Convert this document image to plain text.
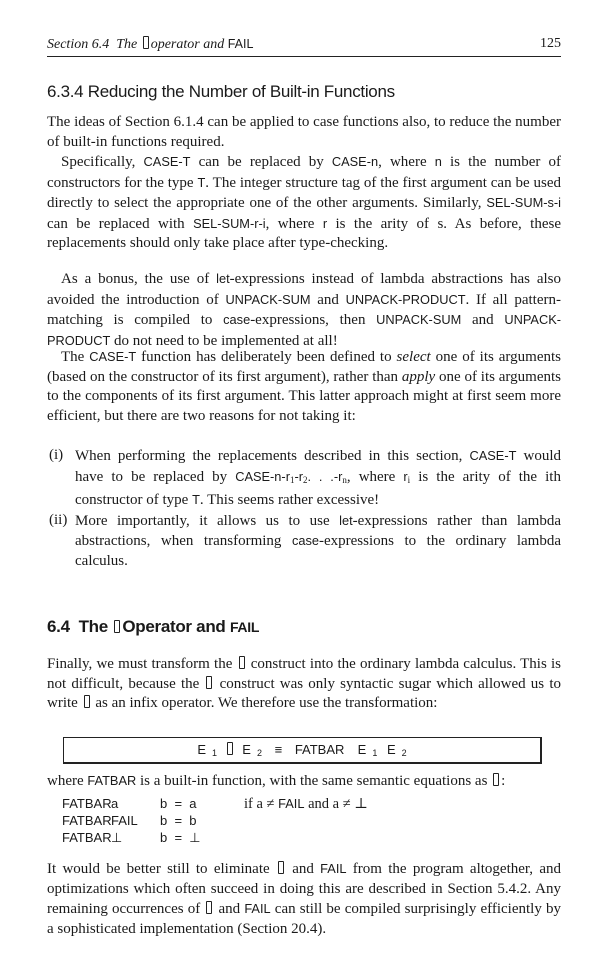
Section 6.4 The operator and FAIL	125
6.3.4 Reducing the Number of Built-in Functions

The ideas of Section 6.1.4 can be applied to case functions also, to reduce the number of built-in functions required.

Specifically, CASE-T can be replaced by CASE-n, where n is the number of constructors for the type T. The integer structure tag of the first argument can be used directly to select the appropriate one of the other arguments. Similarly, SEL-SUM-s-i can be replaced with SEL-SUM-r-i, where r is the arity of s. As before, these replacements should only take place after type-checking.

As a bonus, the use of let-expressions instead of lambda abstractions has also avoided the introduction of UNPACK-SUM and UNPACK-PRODUCT. If all pattern-matching is compiled to case-expressions, then UNPACK-SUM and UNPACK-PRODUCT do not need to be implemented at all!

The CASE-T function has deliberately been defined to select one of its arguments (based on the constructor of its first argument), rather than apply one of its arguments to the components of its first argument. This latter approach might at first seem more efficient, but there are two reasons for not taking it:

(i) When performing the replacements described in this section, CASE-T would have to be replaced by CASE-$n-r_1-r_2$. . $.-r_n$, where $r_i$ is the arity of the ith constructor of type T. This seems rather excessive!
(ii) More importantly, it allows us to use let-expressions rather than lambda abstractions, when transforming case-expressions to the ordinary lambda calculus.
6.4 The Operator and FAIL

Finally, we must transform the  construct into the ordinary lambda calculus. This is not difficult, because the  construct was only syntactic sugar which allowed us to write  as an infix operator. We therefore use the transformation:

E $_1$ E $_2$ ≡ FATBAR E $_1$ E $_2$

where FATBAR is a built-in function, with the same semantic equations as :

FATBAR a	b  =  a	if a ≠ FAIL and a ≠ ⊥
FATBAR FAIL b  =  b
FATBAR ⊥	b  =  ⊥

It would be better still to eliminate  and FAIL from the program altogether, and optimizations which often succeed in doing this are described in Section 5.4.2. Any remaining occurrences of  and FAIL can still be compiled surprisingly efficiently by a sophisticated implementation (Section 20.4).
